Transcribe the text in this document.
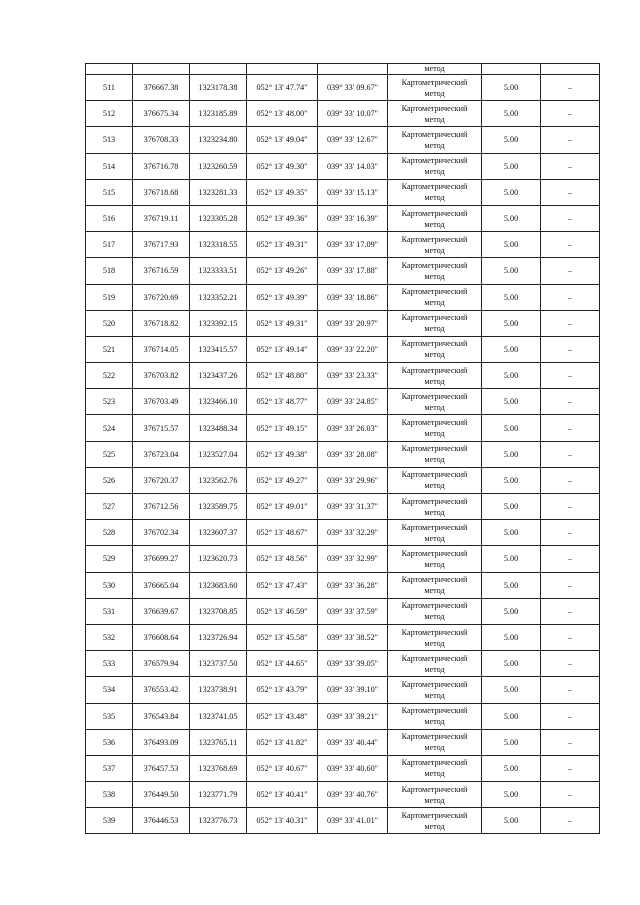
					метод		
511	376667.38	1323178.38	052° 13' 47.74"	039° 33' 09.67"	Картометрический
метод	5.00	–
512	376675.34	1323185.89	052° 13' 48.00"	039° 33' 10.07"	Картометрический
метод	5.00	–
513	376708.33	1323234.80	052° 13' 49.04"	039° 33' 12.67"	Картометрический
метод	5.00	–
514	376716.78	1323260.59	052° 13' 49.30"	039° 33' 14.03"	Картометрический
метод	5.00	–
515	376718.68	1323281.33	052° 13' 49.35"	039° 33' 15.13"	Картометрический
метод	5.00	–
516	376719.11	1323305.28	052° 13' 49.36"	039° 33' 16.39"	Картометрический
метод	5.00	–
517	376717.93	1323318.55	052° 13' 49.31"	039° 33' 17.09"	Картометрический
метод	5.00	–
518	376716.59	1323333.51	052° 13' 49.26"	039° 33' 17.88"	Картометрический
метод	5.00	–
519	376720.69	1323352.21	052° 13' 49.39"	039° 33' 18.86"	Картометрический
метод	5.00	–
520	376718.82	1323392.15	052° 13' 49.31"	039° 33' 20.97"	Картометрический
метод	5.00	–
521	376714.05	1323415.57	052° 13' 49.14"	039° 33' 22.20"	Картометрический
метод	5.00	–
522	376703.82	1323437.26	052° 13' 48.80"	039° 33' 23.33"	Картометрический
метод	5.00	–
523	376703.49	1323466.10	052° 13' 48.77"	039° 33' 24.85"	Картометрический
метод	5.00	–
524	376715.57	1323488.34	052° 13' 49.15"	039° 33' 26.03"	Картометрический
метод	5.00	–
525	376723.04	1323527.04	052° 13' 49.38"	039° 33' 28.08"	Картометрический
метод	5.00	–
526	376720.37	1323562.76	052° 13' 49.27"	039° 33' 29.96"	Картометрический
метод	5.00	–
527	376712.56	1323589.75	052° 13' 49.01"	039° 33' 31.37"	Картометрический
метод	5.00	–
528	376702.34	1323607.37	052° 13' 48.67"	039° 33' 32.29"	Картометрический
метод	5.00	–
529	376699.27	1323620.73	052° 13' 48.56"	039° 33' 32.99"	Картометрический
метод	5.00	–
530	376665.04	1323683.60	052° 13' 47.43"	039° 33' 36.28"	Картометрический
метод	5.00	–
531	376639.67	1323708.85	052° 13' 46.59"	039° 33' 37.59"	Картометрический
метод	5.00	–
532	376608.64	1323726.94	052° 13' 45.58"	039° 33' 38.52"	Картометрический
метод	5.00	–
533	376579.94	1323737.50	052° 13' 44.65"	039° 33' 39.05"	Картометрический
метод	5.00	–
534	376553.42	1323738.91	052° 13' 43.79"	039° 33' 39.10"	Картометрический
метод	5.00	–
535	376543.84	1323741.05	052° 13' 43.48"	039° 33' 39.21"	Картометрический
метод	5.00	–
536	376493.09	1323765.11	052° 13' 41.82"	039° 33' 40.44"	Картометрический
метод	5.00	–
537	376457.53	1323768.69	052° 13' 40.67"	039° 33' 40.60"	Картометрический
метод	5.00	–
538	376449.50	1323771.79	052° 13' 40.41"	039° 33' 40.76"	Картометрический
метод	5.00	–
539	376446.53	1323776.73	052° 13' 40.31"	039° 33' 41.01"	Картометрический
метод	5.00	–
